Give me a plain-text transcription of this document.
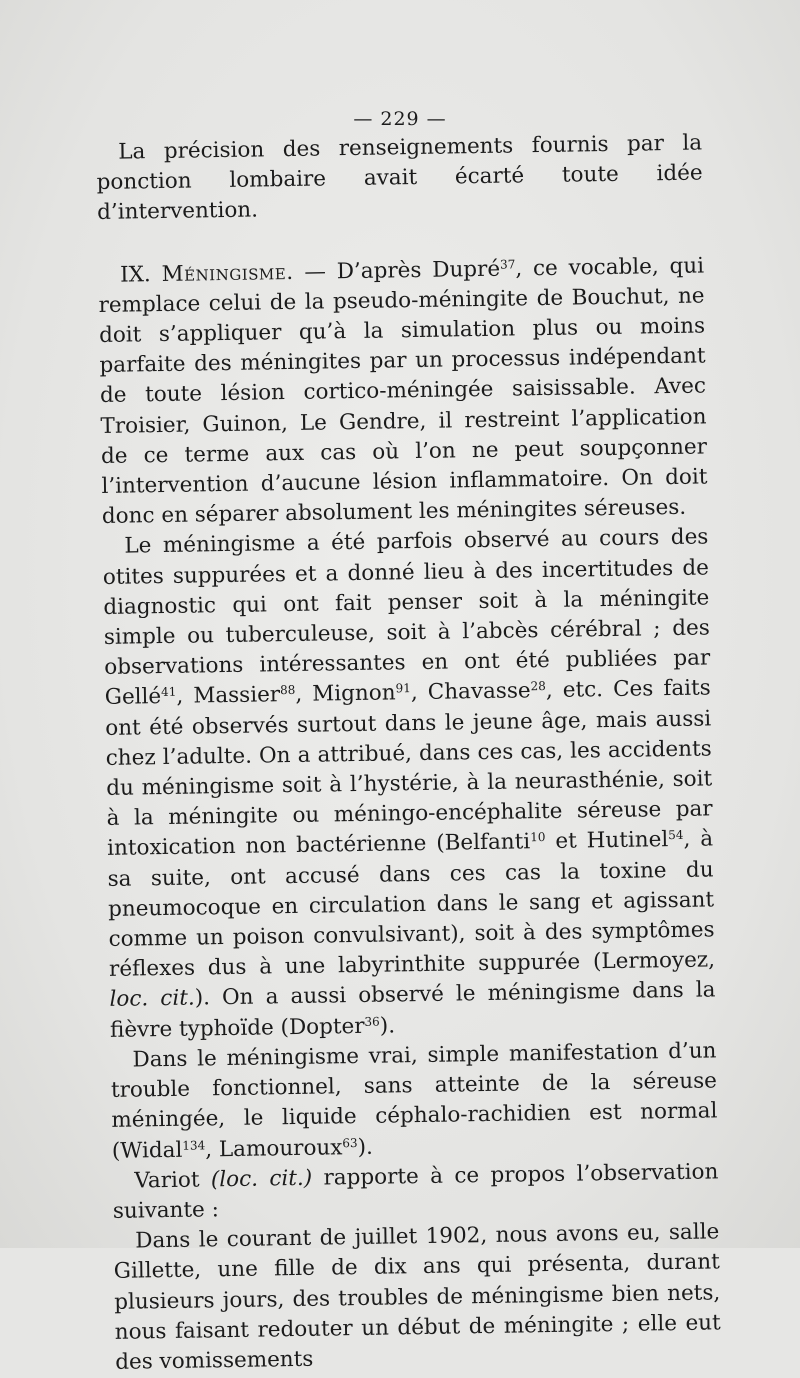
— 229 —

La précision des renseignements fournis par la ponction lombaire avait écarté toute idée d’intervention.

IX. Méningisme. — D’après Dupré$^{37}$, ce vocable, qui remplace celui de la pseudo-méningite de Bouchut, ne doit s’appliquer qu’à la simulation plus ou moins parfaite des méningites par un processus indépendant de toute lésion cortico-méningée saisissable. Avec Troisier, Guinon, Le Gendre, il restreint l’application de ce terme aux cas où l’on ne peut soupçonner l’intervention d’aucune lésion inflammatoire. On doit donc en séparer absolument les méningites séreuses.

Le méningisme a été parfois observé au cours des otites suppurées et a donné lieu à des incertitudes de diagnostic qui ont fait penser soit à la méningite simple ou tuberculeuse, soit à l’abcès cérébral ; des observations intéressantes en ont été publiées par Gellé$^{41}$, Massier$^{88}$, Mignon$^{91}$, Chavasse$^{28}$, etc. Ces faits ont été observés surtout dans le jeune âge, mais aussi chez l’adulte. On a attribué, dans ces cas, les accidents du méningisme soit à l’hystérie, à la neurasthénie, soit à la méningite ou méningo-encéphalite séreuse par intoxication non bactérienne (Belfanti$^{10}$ et Hutinel$^{54}$, à sa suite, ont accusé dans ces cas la toxine du pneumocoque en circulation dans le sang et agissant comme un poison convulsivant), soit à des symptômes réflexes dus à une labyrinthite suppurée (Lermoyez, loc. cit.). On a aussi observé le méningisme dans la fièvre typhoïde (Dopter$^{36}$).

Dans le méningisme vrai, simple manifestation d’un trouble fonctionnel, sans atteinte de la séreuse méningée, le liquide céphalo-rachidien est normal (Widal$^{134}$, Lamouroux$^{63}$).

Variot (loc. cit.) rapporte à ce propos l’observation suivante :

Dans le courant de juillet 1902, nous avons eu, salle Gillette, une fille de dix ans qui présenta, durant plusieurs jours, des troubles de méningisme bien nets, nous faisant redouter un début de méningite ; elle eut des vomissements
